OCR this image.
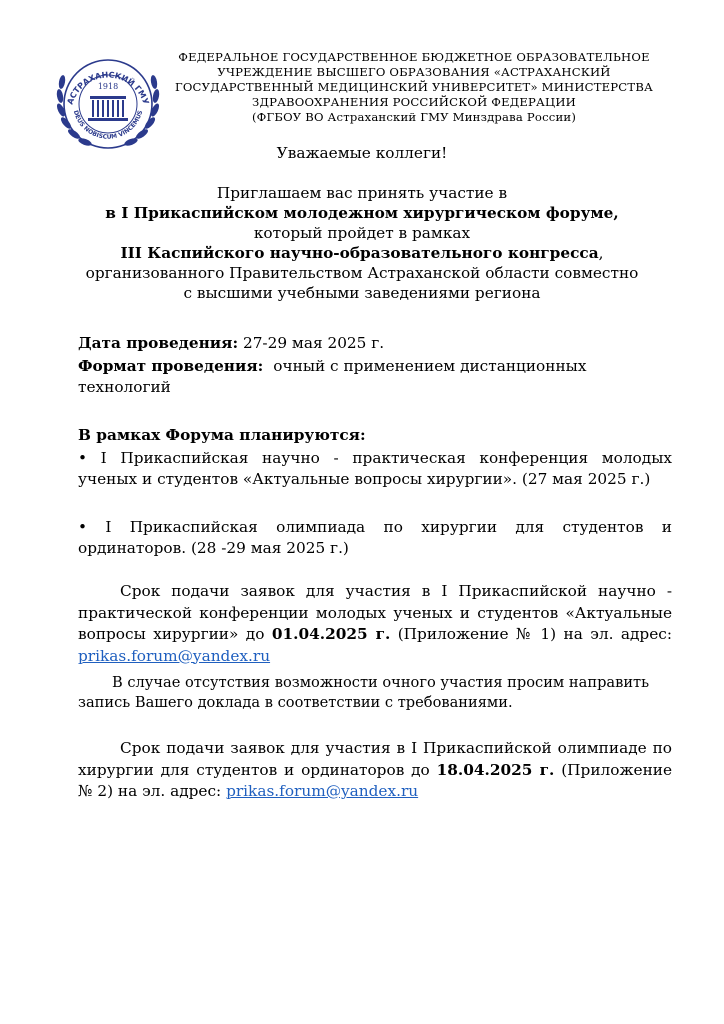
АСТРАХАНСКИЙ ГМУ
DEUS NOBISCUM VINCEMUS
1918
ФЕДЕРАЛЬНОЕ ГОСУДАРСТВЕННОЕ БЮДЖЕТНОЕ ОБРАЗОВАТЕЛЬНОЕ
УЧРЕЖДЕНИЕ ВЫСШЕГО ОБРАЗОВАНИЯ «АСТРАХАНСКИЙ
ГОСУДАРСТВЕННЫЙ МЕДИЦИНСКИЙ УНИВЕРСИТЕТ» МИНИСТЕРСТВА
ЗДРАВООХРАНЕНИЯ РОССИЙСКОЙ ФЕДЕРАЦИИ
(ФГБОУ ВО Астраханский ГМУ Минздрава России)
Уважаемые коллеги!
Приглашаем вас принять участие в
в I Прикаспийском молодежном хирургическом форуме,
который пройдет в рамках
III Каспийского научно-образовательного конгресса,
организованного Правительством Астраханской области совместно
с высшими учебными заведениями региона
Дата проведения: 27-29 мая 2025 г.
Формат проведения: очный с применением дистанционных
технологий
В рамках Форума планируются:
• I Прикаспийская научно - практическая конференция молодых
ученых и студентов «Актуальные вопросы хирургии». (27 мая 2025 г.)
• I Прикаспийская олимпиада по хирургии для студентов и
ординаторов. (28 -29 мая 2025 г.)
Срок подачи заявок для участия в I Прикаспийской научно -
практической конференции молодых ученых и студентов «Актуальные
вопросы хирургии» до 01.04.2025 г. (Приложение № 1) на эл. адрес:
prikas.forum@yandex.ru
В случае отсутствия возможности очного участия просим направить
запись Вашего доклада в соответствии с требованиями.
Срок подачи заявок для участия в I Прикаспийской олимпиаде по
хирургии для студентов и ординаторов до 18.04.2025 г. (Приложение
№ 2) на эл. адрес: prikas.forum@yandex.ru
